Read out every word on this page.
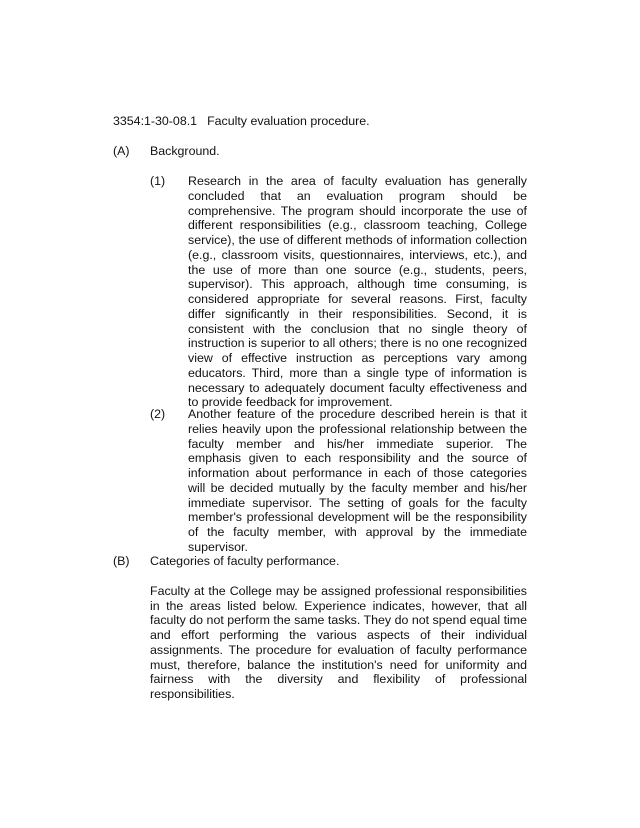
3354:1-30-08.1 Faculty evaluation procedure.
(A) Background.
(1) Research in the area of faculty evaluation has generally concluded that an evaluation program should be comprehensive. The program should incorporate the use of different responsibilities (e.g., classroom teaching, College service), the use of different methods of information collection (e.g., classroom visits, questionnaires, interviews, etc.), and the use of more than one source (e.g., students, peers, supervisor). This approach, although time consuming, is considered appropriate for several reasons. First, faculty differ significantly in their responsibilities. Second, it is consistent with the conclusion that no single theory of instruction is superior to all others; there is no one recognized view of effective instruction as perceptions vary among educators. Third, more than a single type of information is necessary to adequately document faculty effectiveness and to provide feedback for improvement.
(2) Another feature of the procedure described herein is that it relies heavily upon the professional relationship between the faculty member and his/her immediate superior. The emphasis given to each responsibility and the source of information about performance in each of those categories will be decided mutually by the faculty member and his/her immediate supervisor. The setting of goals for the faculty member's professional development will be the responsibility of the faculty member, with approval by the immediate supervisor.
(B) Categories of faculty performance.
Faculty at the College may be assigned professional responsibilities in the areas listed below. Experience indicates, however, that all faculty do not perform the same tasks. They do not spend equal time and effort performing the various aspects of their individual assignments. The procedure for evaluation of faculty performance must, therefore, balance the institution's need for uniformity and fairness with the diversity and flexibility of professional responsibilities.
